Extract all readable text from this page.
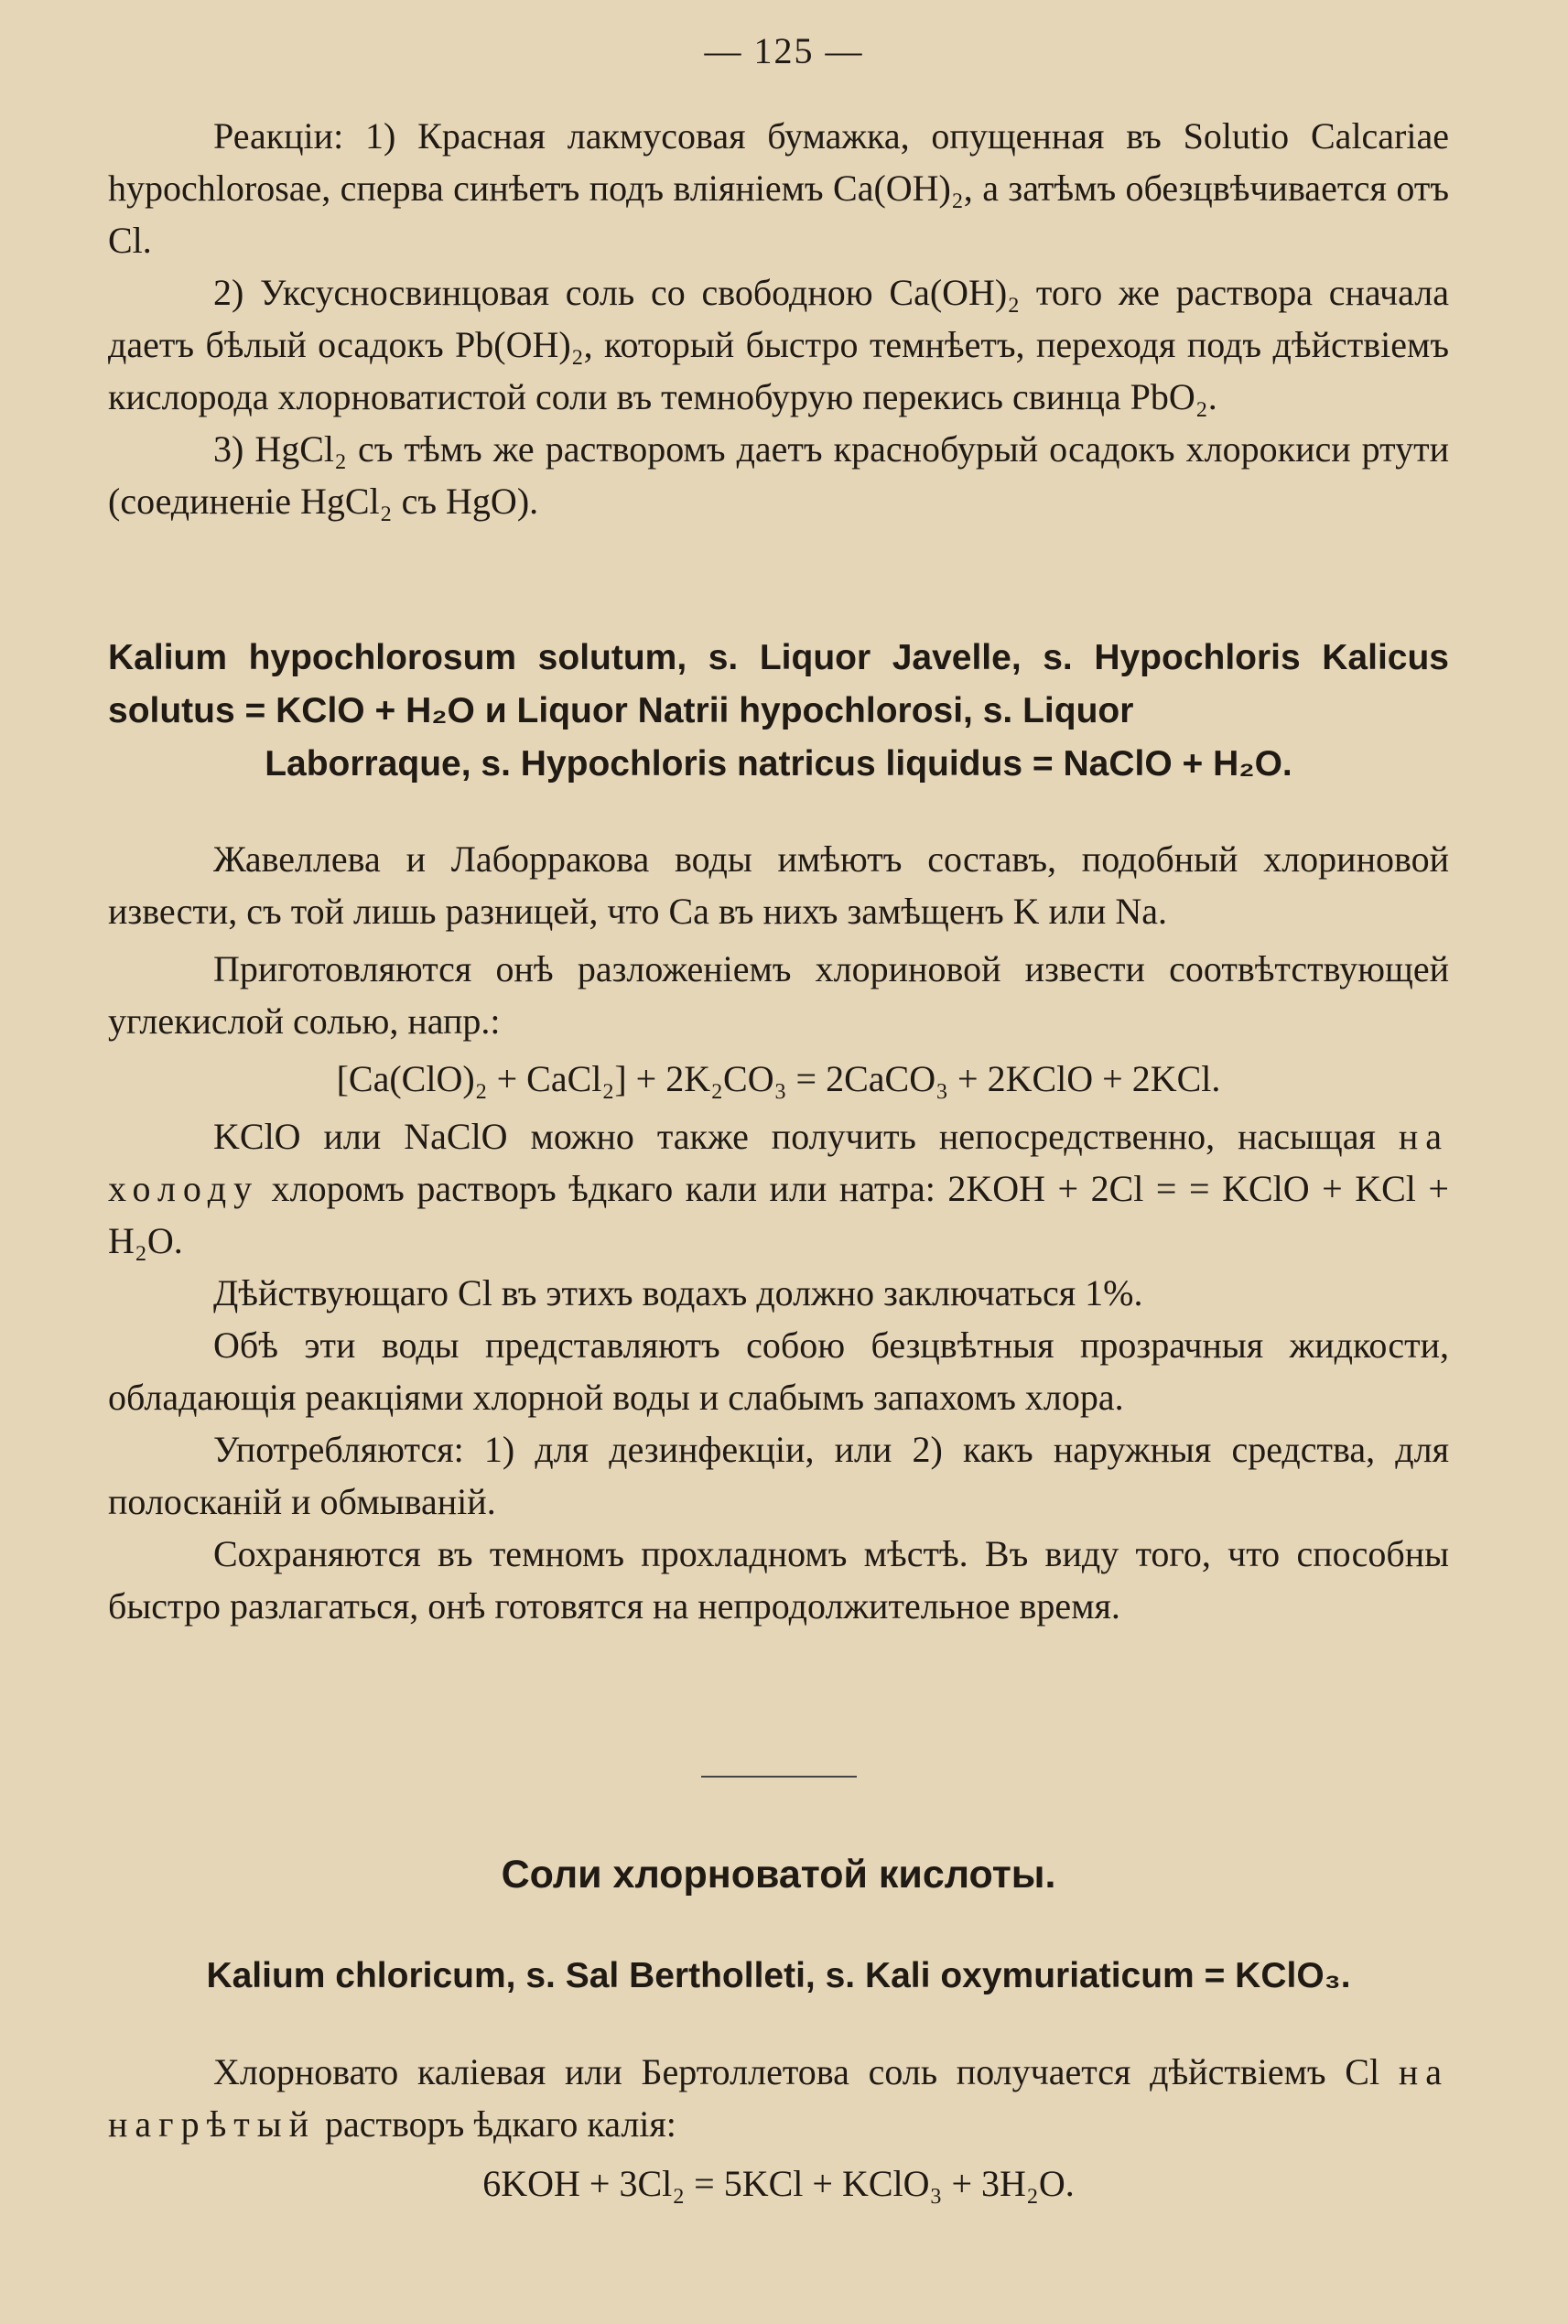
— 125 —

Реакціи: 1) Красная лакмусовая бумажка, опущенная въ Solutio Calcariae hypochlorosae, сперва синѣетъ подъ вліяніемъ Ca(OH)₂, а затѣмъ обезцвѣчивается отъ Cl.

2) Уксусносвинцовая соль со свободною Ca(OH)₂ того же раствора сначала даетъ бѣлый осадокъ Pb(OH)₂, который быстро темнѣетъ, переходя подъ дѣйствіемъ кислорода хлорноватистой соли въ темнобурую перекись свинца PbO₂.

3) HgCl₂ съ тѣмъ же растворомъ даетъ краснобурый осадокъ хлорокиси ртути (соединеніе HgCl₂ съ HgO).

Kalium hypochlorosum solutum, s. Liquor Javelle, s. Hypochloris Kalicus solutus = KClO + H₂O и Liquor Natrii hypochlorosi, s. Liquor

Laborraque, s. Hypochloris natricus liquidus = NaClO + H₂O.

Жавеллева и Лаборракова воды имѣютъ составъ, подобный хлориновой извести, съ той лишь разницей, что Ca въ нихъ замѣщенъ K или Na.

Приготовляются онѣ разложеніемъ хлориновой извести соотвѣтствующей углекислой солью, напр.:

[Ca(ClO)₂ + CaCl₂] + 2K₂CO₃ = 2CaCO₃ + 2KClO + 2KCl.

KClO или NaClO можно также получить непосредственно, насыщая на холоду хлоромъ растворъ ѣдкаго кали или натра: 2KOH + 2Cl = = KClO + KCl + H₂O.

Дѣйствующаго Cl въ этихъ водахъ должно заключаться 1%.

Обѣ эти воды представляютъ собою безцвѣтныя прозрачныя жидкости, обладающія реакціями хлорной воды и слабымъ запахомъ хлора.

Употребляются: 1) для дезинфекціи, или 2) какъ наружныя средства, для полосканій и обмываній.

Сохраняются въ темномъ прохладномъ мѣстѣ. Въ виду того, что способны быстро разлагаться, онѣ готовятся на непродолжительное время.

Соли хлорноватой кислоты.

Kalium chloricum, s. Sal Bertholleti, s. Kali oxymuriaticum = KClO₃.

Хлорновато калiевая или Бертоллетова соль получается дѣйствіемъ Cl на нагрѣтый растворъ ѣдкаго калія:

6KOH + 3Cl₂ = 5KCl + KClO₃ + 3H₂O.
